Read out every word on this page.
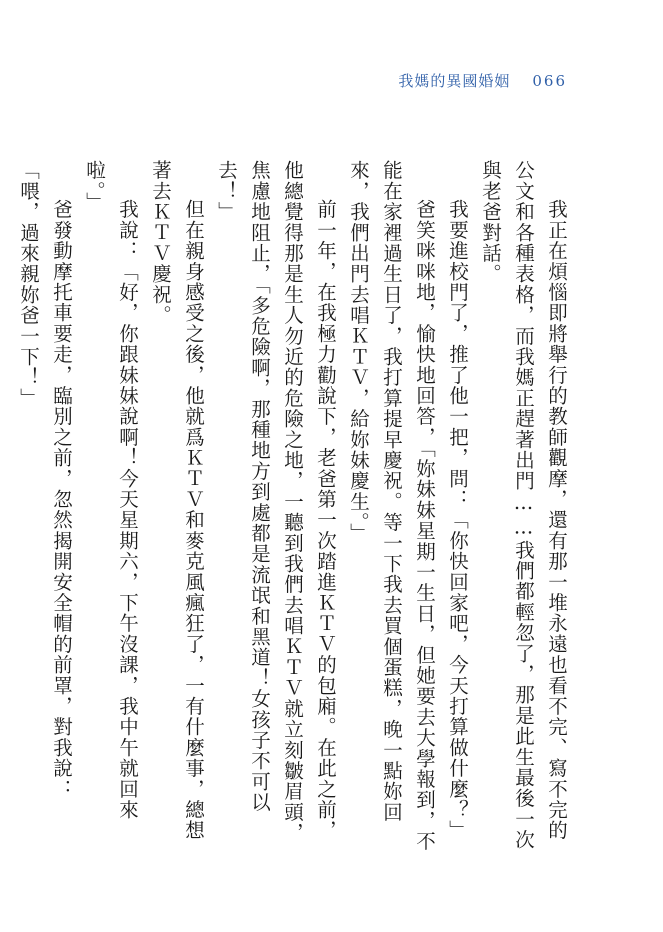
我媽的異國婚姻 066

我正在煩惱即將舉行的教師觀摩，還有那一堆永遠也看不完、寫不完的公文和各種表格，而我媽正趕著出門……我們都輕忽了，那是此生最後一次與老爸對話。

我要進校門了，推了他一把，問：「你快回家吧，今天打算做什麼？」

爸笑咪咪地，愉快地回答，「妳妹妹星期一生日，但她要去大學報到，不能在家裡過生日了，我打算提早慶祝。等一下我去買個蛋糕，晚一點妳回來，我們出門去唱ＫＴＶ，給妳妹慶生。」

前一年，在我極力勸說下，老爸第一次踏進ＫＴＶ的包廂。在此之前，他總覺得那是生人勿近的危險之地，一聽到我們去唱ＫＴＶ就立刻皺眉頭，焦慮地阻止，「多危險啊，那種地方到處都是流氓和黑道！女孩子不可以去！」

但在親身感受之後，他就爲ＫＴＶ和麥克風瘋狂了，一有什麼事，總想著去ＫＴＶ慶祝。

我說：「好，你跟妹妹說啊！今天星期六，下午沒課，我中午就回來啦。」

爸發動摩托車要走，臨別之前，忽然揭開安全帽的前罩，對我說：「喂，過來親妳爸一下！」
